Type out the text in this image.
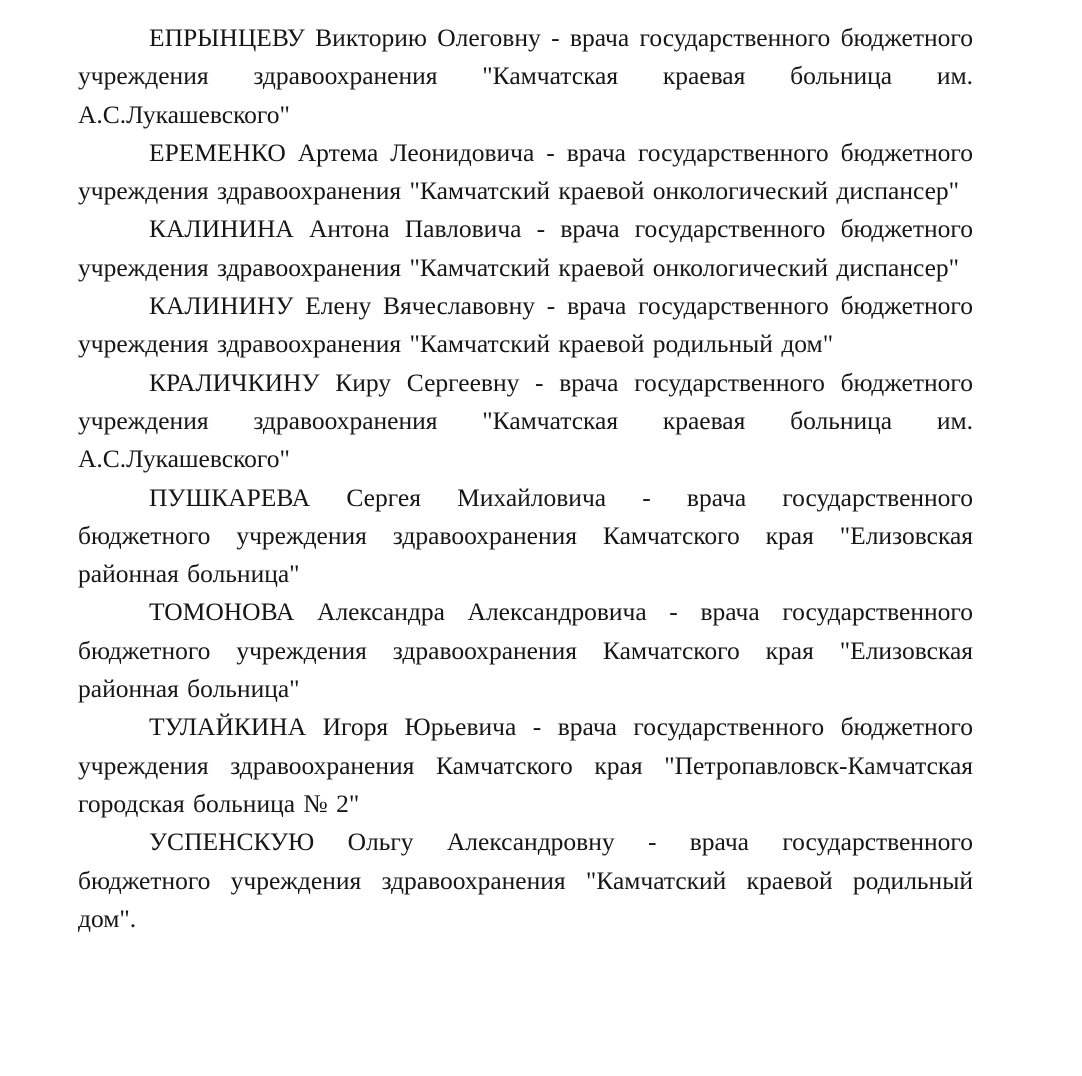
ЕПРЫНЦЕВУ Викторию Олеговну - врача государственного бюджетного учреждения здравоохранения "Камчатская краевая больница им. А.С.Лукашевского"

ЕРЕМЕНКО Артема Леонидовича - врача государственного бюджетного учреждения здравоохранения "Камчатский краевой онкологический диспансер"

КАЛИНИНА Антона Павловича - врача государственного бюджетного учреждения здравоохранения "Камчатский краевой онкологический диспансер"

КАЛИНИНУ Елену Вячеславовну - врача государственного бюджетного учреждения здравоохранения "Камчатский краевой родильный дом"

КРАЛИЧКИНУ Киру Сергеевну - врача государственного бюджетного учреждения здравоохранения "Камчатская краевая больница им. А.С.Лукашевского"

ПУШКАРЕВА Сергея Михайловича - врача государственного бюджетного учреждения здравоохранения Камчатского края "Елизовская районная больница"

ТОМОНОВА Александра Александровича - врача государственного бюджетного учреждения здравоохранения Камчатского края "Елизовская районная больница"

ТУЛАЙКИНА Игоря Юрьевича - врача государственного бюджетного учреждения здравоохранения Камчатского края "Петропавловск-Камчатская городская больница № 2"

УСПЕНСКУЮ Ольгу Александровну - врача государственного бюджетного учреждения здравоохранения "Камчатский краевой родильный дом".
